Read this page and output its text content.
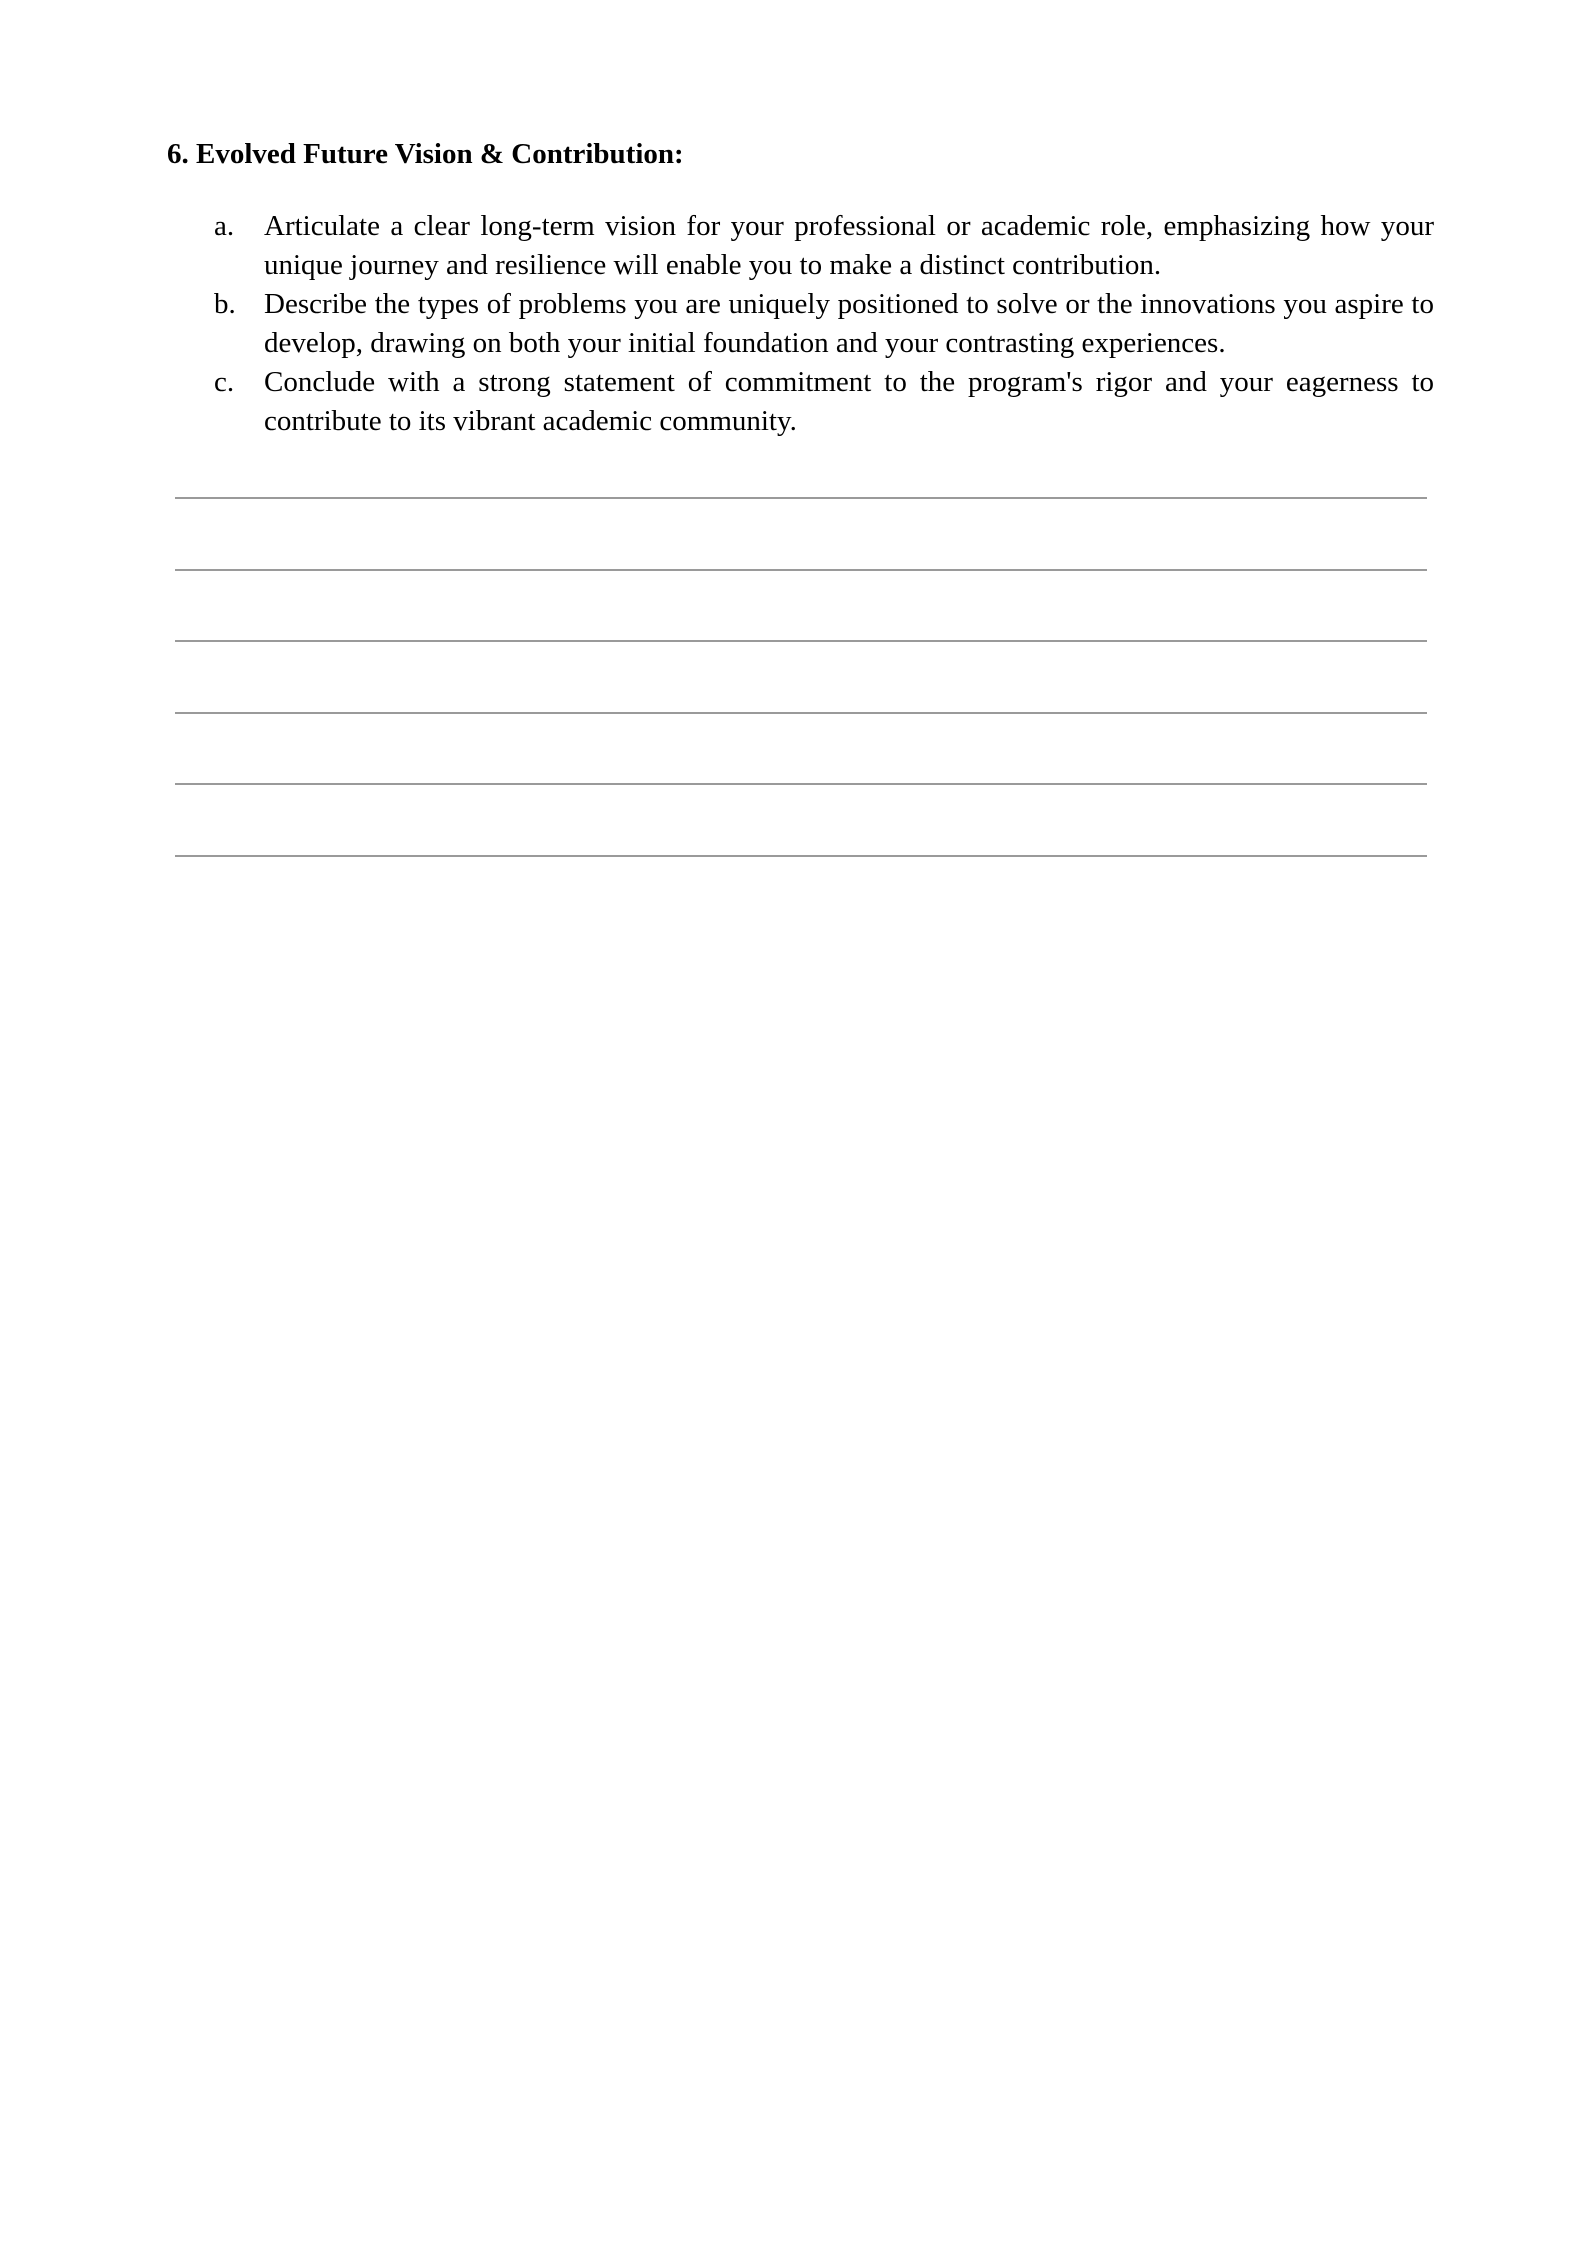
6. Evolved Future Vision & Contribution:
a.	Articulate a clear long-term vision for your professional or academic role, emphasizing how your unique journey and resilience will enable you to make a distinct contribution.
b. Describe the types of problems you are uniquely positioned to solve or the innovations you aspire to develop, drawing on both your initial foundation and your contrasting experiences.
c.	Conclude with a strong statement of commitment to the program's rigor and your eagerness to contribute to its vibrant academic community.
